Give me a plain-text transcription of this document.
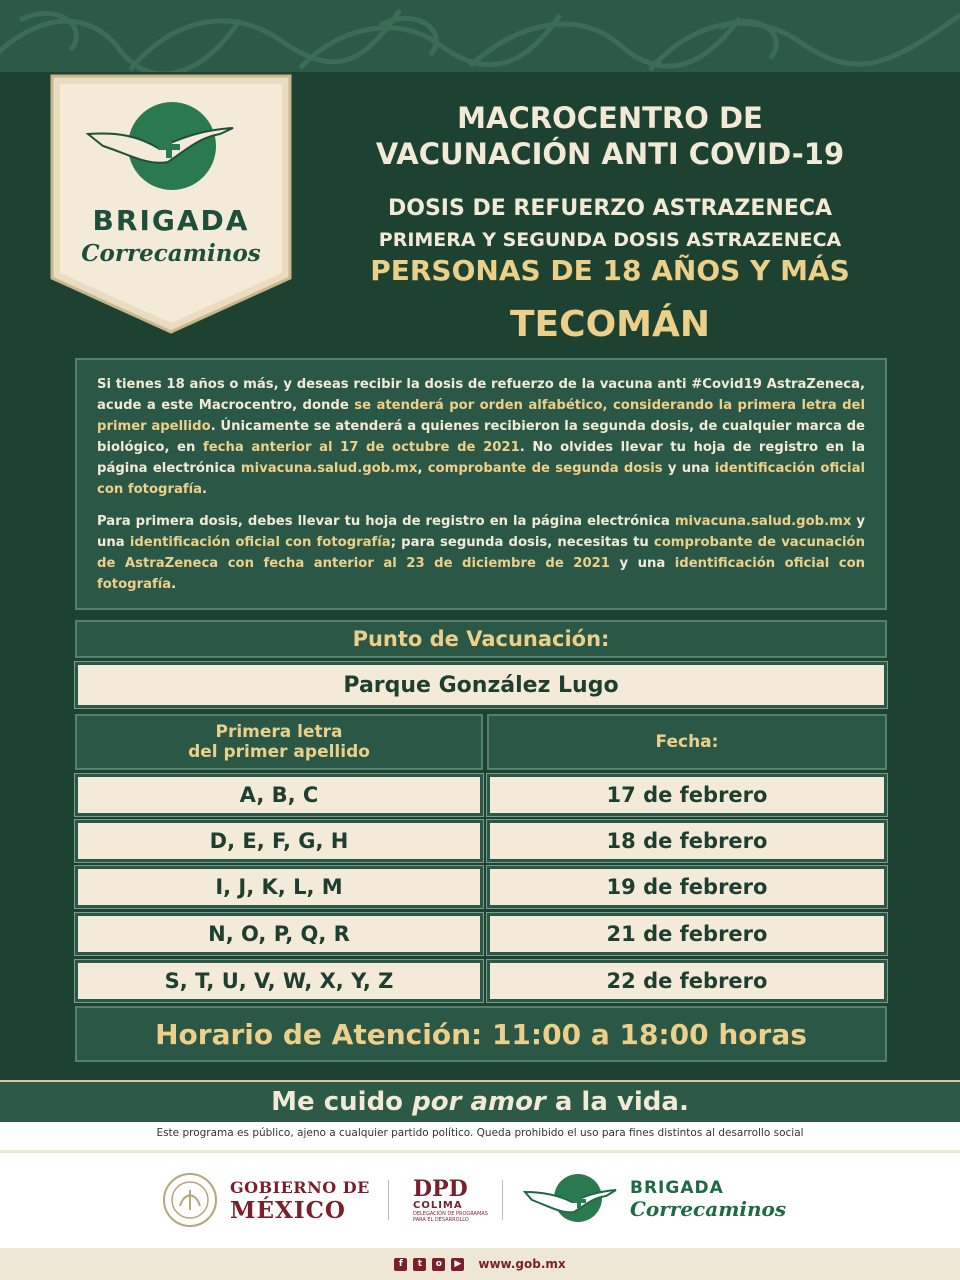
BRIGADA
Correcaminos
MACROCENTRO DE
VACUNACIÓN ANTI COVID-19
DOSIS DE REFUERZO ASTRAZENECA
PRIMERA Y SEGUNDA DOSIS ASTRAZENECA
PERSONAS DE 18 AÑOS Y MÁS
TECOMÁN

Si tienes 18 años o más, y deseas recibir la dosis de refuerzo de la vacuna anti #Covid19 AstraZeneca, acude a este Macrocentro, donde se atenderá por orden alfabético, considerando la primera letra del primer apellido. Únicamente se atenderá a quienes recibieron la segunda dosis, de cualquier marca de biológico, en fecha anterior al 17 de octubre de 2021. No olvides llevar tu hoja de registro en la página electrónica mivacuna.salud.gob.mx, comprobante de segunda dosis y una identificación oficial con fotografía.

Para primera dosis, debes llevar tu hoja de registro en la página electrónica mivacuna.salud.gob.mx y una identificación oficial con fotografía; para segunda dosis, necesitas tu comprobante de vacunación de AstraZeneca con fecha anterior al 23 de diciembre de 2021 y una identificación oficial con fotografía.

Punto de Vacunación:
Parque González Lugo
Primera letra
del primer apellido	Fecha:
A, B, C	17 de febrero
D, E, F, G, H	18 de febrero
I, J, K, L, M	19 de febrero
N, O, P, Q, R	21 de febrero
S, T, U, V, W, X, Y, Z	22 de febrero
Horario de Atención: 11:00 a 18:00 horas
Me cuido por amor a la vida.
Este programa es público, ajeno a cualquier partido político. Queda prohibido el uso para fines distintos al desarrollo social
GOBIERNO DE
MÉXICO
DPD
COLIMA
DELEGACIÓN DE PROGRAMAS PARA EL DESARROLLO
BRIGADA
Correcaminos
f	t	o	▶ www.gob.mx
